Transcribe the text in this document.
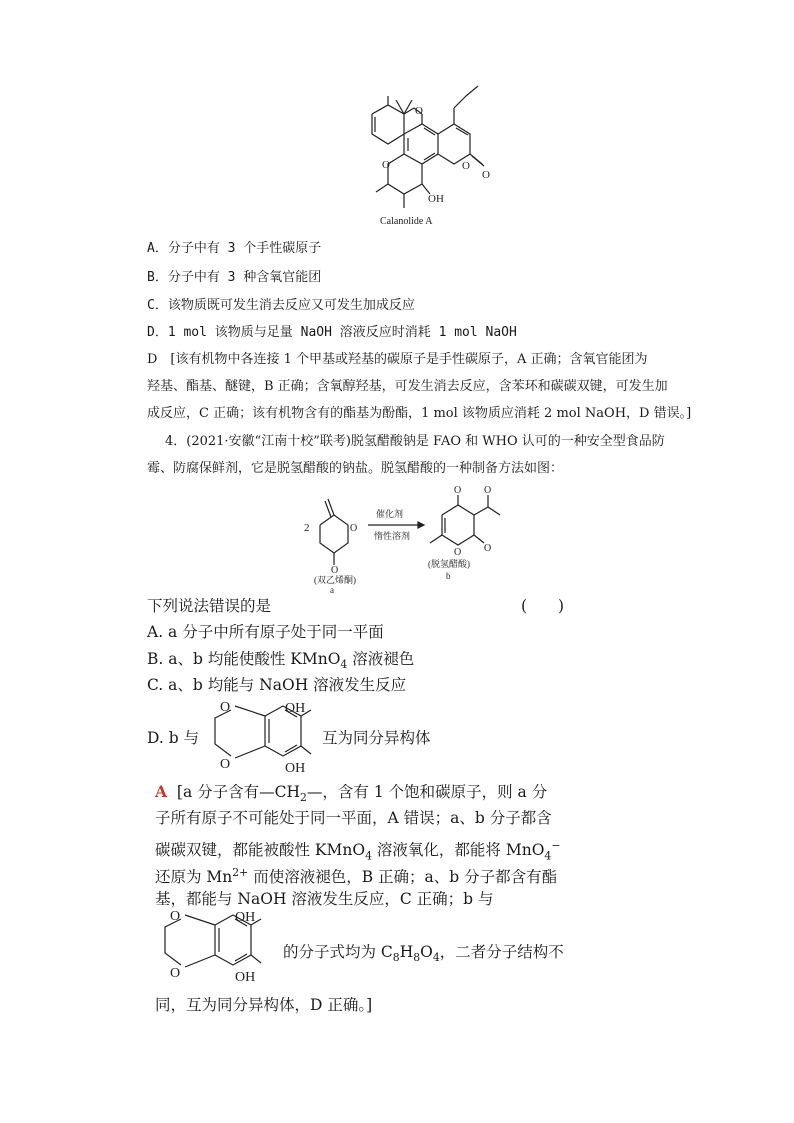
O
O	O
O
OH
Calanolide A
A．分子中有 3 个手性碳原子
B．分子中有 3 种含氧官能团
C．该物质既可发生消去反应又可发生加成反应
D．1 mol 该物质与足量 NaOH 溶液反应时消耗 1 mol NaOH
D　[该有机物中各连接 1 个甲基或羟基的碳原子是手性碳原子，A 正确；含氧官能团为
羟基、酯基、醚键，B 正确；含氧醇羟基，可发生消去反应，含苯环和碳碳双键，可发生加
成反应，C 正确；该有机物含有的酯基为酚酯，1 mol 该物质应消耗 2 mol NaOH，D 错误。]
4．(2021·安徽“江南十校”联考)脱氢醋酸钠是 FAO 和 WHO 认可的一种安全型食品防
霉、防腐保鲜剂，它是脱氢醋酸的钠盐。脱氢醋酸的一种制备方法如图：
2	O
O
(双乙烯酮)
a
催化剂
惰性溶剂
O O
O O
(脱氢醋酸)
b
下列说法错误的是	(　　)
A. a 分子中所有原子处于同一平面
B. a、b 均能使酸性 KMnO$_4$ 溶液褪色
C. a、b 均能与 NaOH 溶液发生反应
D. b 与
O
O
OH
OH
互为同分异构体
A [a 分子含有$—CH_2—$，含有 1 个饱和碳原子，则 a 分
子所有原子不可能处于同一平面，A 错误；a、b 分子都含
碳碳双键，都能被酸性 KMnO$_4$ 溶液氧化，都能将 MnO$_4$−
还原为 $Mn^{2+}$ 而使溶液褪色，B 正确；a、b 分子都含有酯
基，都能与 NaOH 溶液发生反应，C 正确；b 与
O
O
OH
OH
的分子式均为 $C_8H_8O_4$，二者分子结构不
同，互为同分异构体，D 正确。]
